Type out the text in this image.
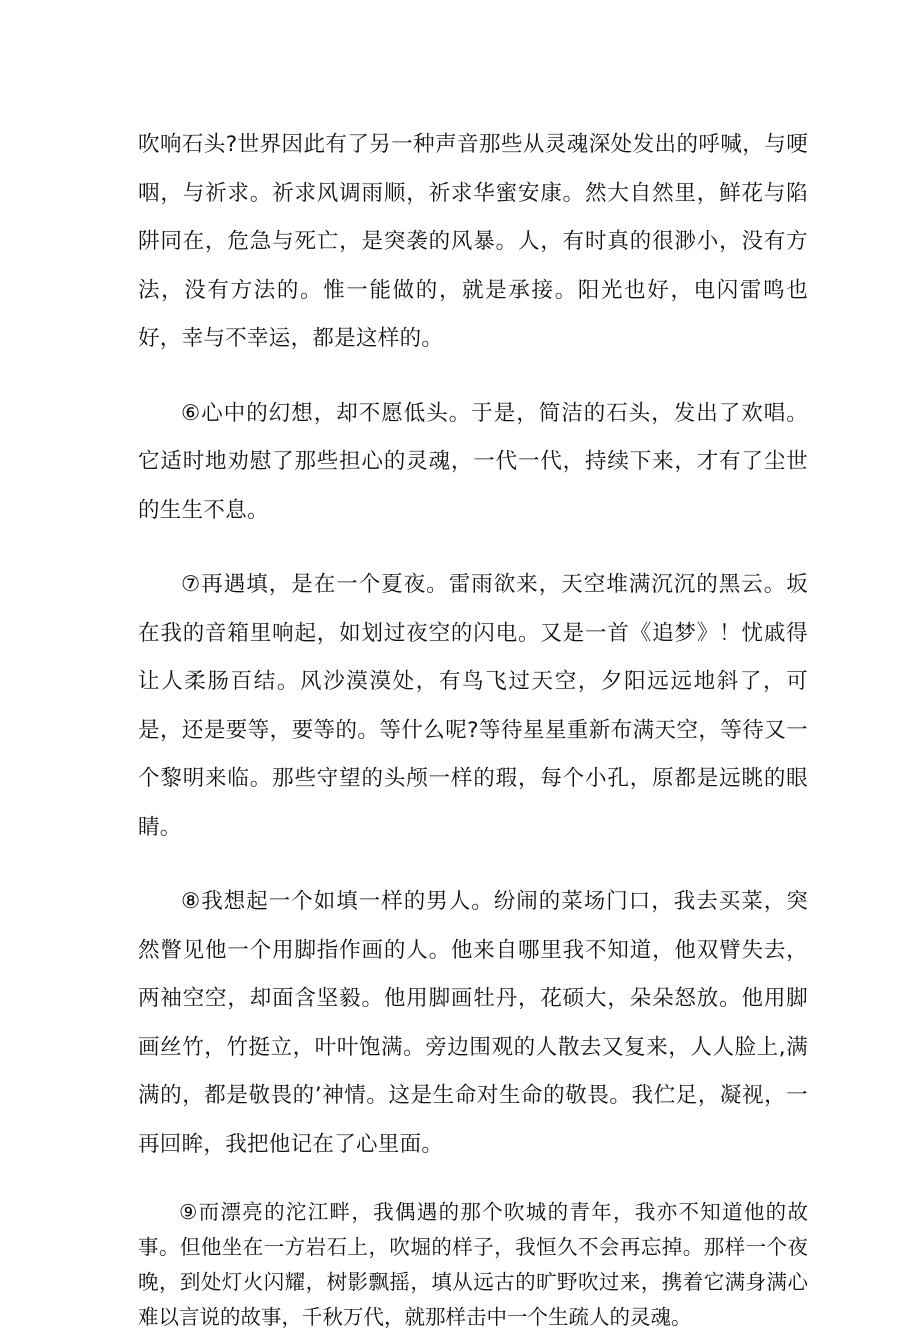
吹响石头?世界因此有了另一种声音那些从灵魂深处发出的呼喊，与哽咽，与祈求。祈求风调雨顺，祈求华蜜安康。然大自然里，鲜花与陷阱同在，危急与死亡，是突袭的风暴。人，有时真的很渺小，没有方法，没有方法的。惟一能做的，就是承接。阳光也好，电闪雷鸣也好，幸与不幸运，都是这样的。

⑥心中的幻想，却不愿低头。于是，简洁的石头，发出了欢唱。它适时地劝慰了那些担心的灵魂，一代一代，持续下来，才有了尘世的生生不息。

⑦再遇填，是在一个夏夜。雷雨欲来，天空堆满沉沉的黑云。坂在我的音箱里响起，如划过夜空的闪电。又是一首《追梦》！忧戚得让人柔肠百结。风沙漠漠处，有鸟飞过天空，夕阳远远地斜了，可是，还是要等，要等的。等什么呢?等待星星重新布满天空，等待又一个黎明来临。那些守望的头颅一样的瑕，每个小孔，原都是远眺的眼睛。

⑧我想起一个如填一样的男人。纷闹的菜场门口，我去买菜，突然瞥见他一个用脚指作画的人。他来自哪里我不知道，他双臂失去，两袖空空，却面含坚毅。他用脚画牡丹，花硕大，朵朵怒放。他用脚画丝竹，竹挺立，叶叶饱满。旁边围观的人散去又复来，人人脸上,满满的，都是敬畏的’神情。这是生命对生命的敬畏。我伫足，凝视，一再回眸，我把他记在了心里面。

⑨而漂亮的沱江畔，我偶遇的那个吹城的青年，我亦不知道他的故事。但他坐在一方岩石上，吹堀的样子，我恒久不会再忘掉。那样一个夜晚，到处灯火闪耀，树影飘摇，填从远古的旷野吹过来，携着它满身满心难以言说的故事，千秋万代，就那样击中一个生疏人的灵魂。
